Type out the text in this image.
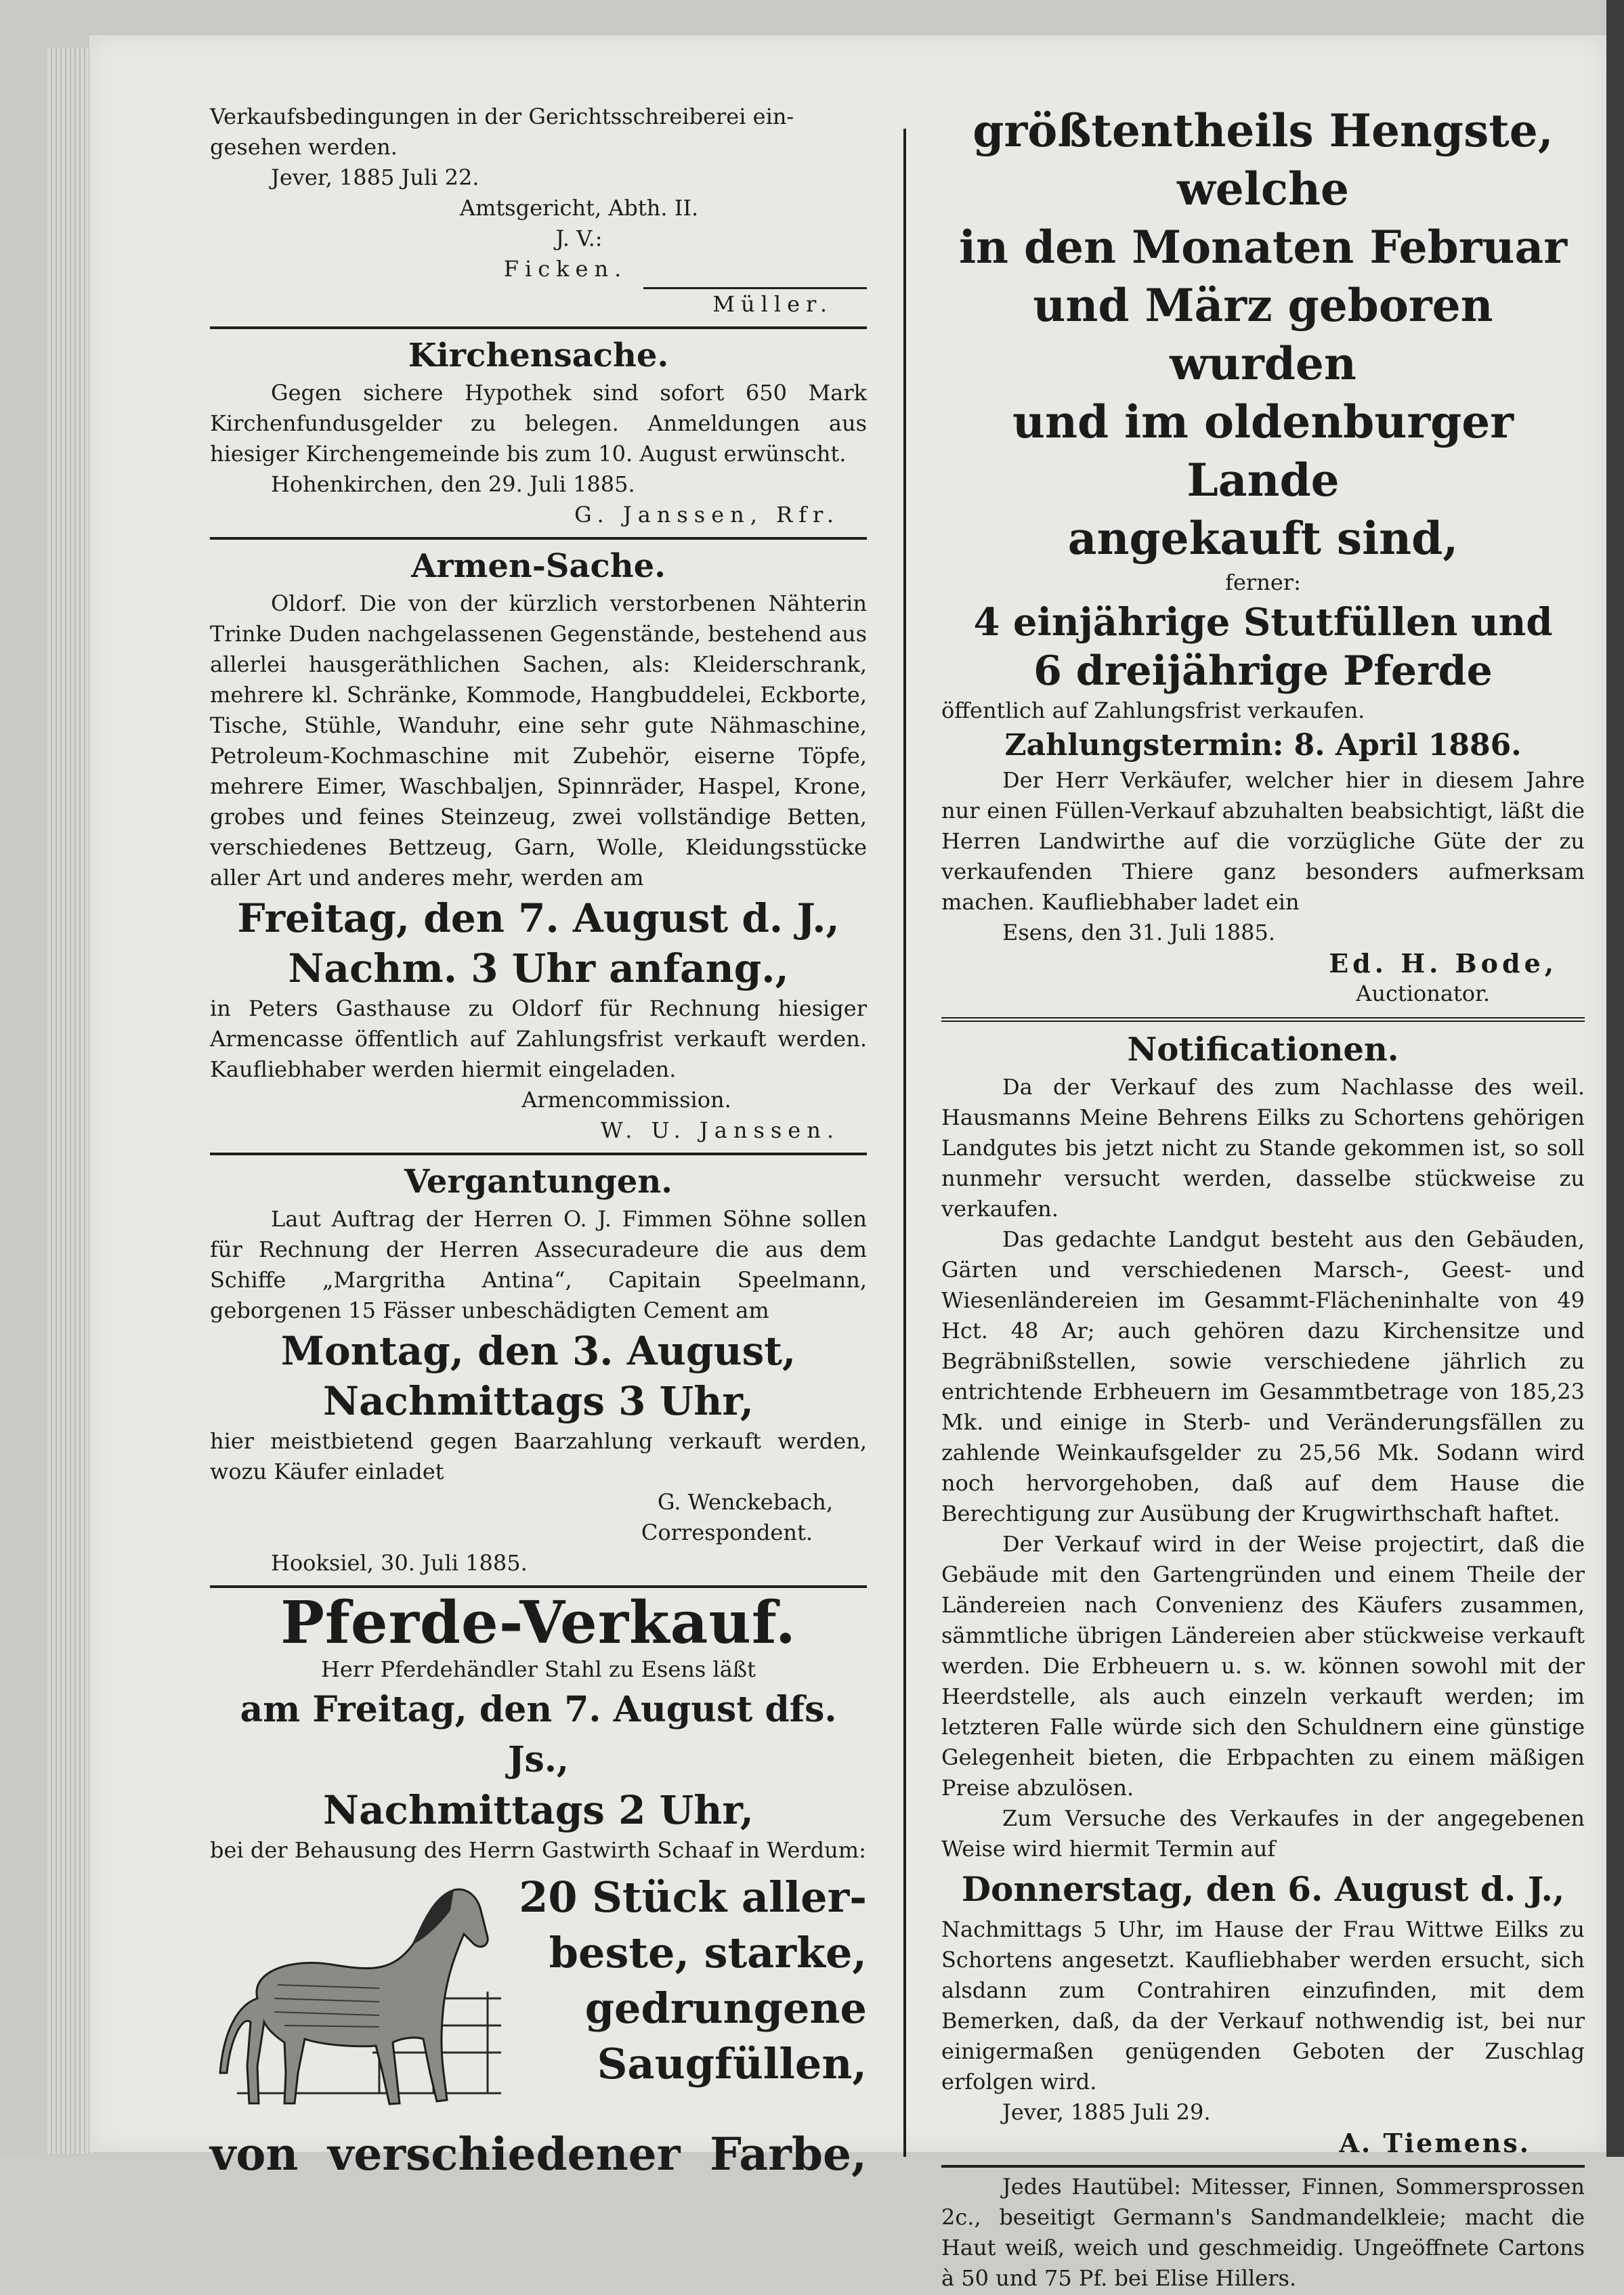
Verkaufsbedingungen in der Gerichtsschreiberei ein-

gesehen werden.

Jever, 1885 Juli 22.

Amtsgericht, Abth. II.

J. V.:

Ficken.

Müller.

Kirchensache.

Gegen sichere Hypothek sind sofort 650 Mark Kirchenfundusgelder zu belegen. Anmeldungen aus hiesiger Kirchengemeinde bis zum 10. August erwünscht.

Hohenkirchen, den 29. Juli 1885.

G. Janssen, Rfr.

Armen-Sache.

Oldorf. Die von der kürzlich verstorbenen Nähterin Trinke Duden nachgelassenen Gegenstände, bestehend aus allerlei hausgeräthlichen Sachen, als: Kleiderschrank, mehrere kl. Schränke, Kommode, Hangbuddelei, Eckborte, Tische, Stühle, Wanduhr, eine sehr gute Nähmaschine, Petroleum-Kochmaschine mit Zubehör, eiserne Töpfe, mehrere Eimer, Waschbaljen, Spinnräder, Haspel, Krone, grobes und feines Steinzeug, zwei vollständige Betten, verschiedenes Bettzeug, Garn, Wolle, Kleidungsstücke aller Art und anderes mehr, werden am

Freitag, den 7. August d. J.,

Nachm. 3 Uhr anfang.,

in Peters Gasthause zu Oldorf für Rechnung hiesiger Armencasse öffentlich auf Zahlungsfrist verkauft werden. Kaufliebhaber werden hiermit eingeladen.

Armencommission.

W. U. Janssen.

Vergantungen.

Laut Auftrag der Herren O. J. Fimmen Söhne sollen für Rechnung der Herren Assecuradeure die aus dem Schiffe „Margritha Antina“, Capitain Speelmann, geborgenen 15 Fässer unbeschädigten Cement am

Montag, den 3. August,

Nachmittags 3 Uhr,

hier meistbietend gegen Baarzahlung verkauft werden, wozu Käufer einladet

G. Wenckebach,

Correspondent.

Hooksiel, 30. Juli 1885.

Pferde-Verkauf.

Herr Pferdehändler Stahl zu Esens läßt

am Freitag, den 7. August dfs. Js.,

Nachmittags 2 Uhr,

bei der Behausung des Herrn Gastwirth Schaaf in Werdum:

20 Stück aller-

beste, starke,

gedrungene

Saugfüllen,

von verschiedener Farbe,

größtentheils Hengste, welche

in den Monaten Februar

und März geboren wurden

und im oldenburger Lande

angekauft sind,

ferner:

4 einjährige Stutfüllen und

6 dreijährige Pferde

öffentlich auf Zahlungsfrist verkaufen.

Zahlungstermin: 8. April 1886.

Der Herr Verkäufer, welcher hier in diesem Jahre nur einen Füllen-Verkauf abzuhalten beabsichtigt, läßt die Herren Landwirthe auf die vorzügliche Güte der zu verkaufenden Thiere ganz besonders aufmerksam machen. Kaufliebhaber ladet ein

Esens, den 31. Juli 1885.

Ed. H. Bode,

Auctionator.

Notificationen.

Da der Verkauf des zum Nachlasse des weil. Hausmanns Meine Behrens Eilks zu Schortens gehörigen Landgutes bis jetzt nicht zu Stande gekommen ist, so soll nunmehr versucht werden, dasselbe stückweise zu verkaufen.

Das gedachte Landgut besteht aus den Gebäuden, Gärten und verschiedenen Marsch-, Geest- und Wiesenländereien im Gesammt-Flächeninhalte von 49 Hct. 48 Ar; auch gehören dazu Kirchensitze und Begräbnißstellen, sowie verschiedene jährlich zu entrichtende Erbheuern im Gesammtbetrage von 185,23 Mk. und einige in Sterb- und Veränderungsfällen zu zahlende Weinkaufsgelder zu 25,56 Mk. Sodann wird noch hervorgehoben, daß auf dem Hause die Berechtigung zur Ausübung der Krugwirthschaft haftet.

Der Verkauf wird in der Weise projectirt, daß die Gebäude mit den Gartengründen und einem Theile der Ländereien nach Convenienz des Käufers zusammen, sämmtliche übrigen Ländereien aber stückweise verkauft werden. Die Erbheuern u. s. w. können sowohl mit der Heerdstelle, als auch einzeln verkauft werden; im letzteren Falle würde sich den Schuldnern eine günstige Gelegenheit bieten, die Erbpachten zu einem mäßigen Preise abzulösen.

Zum Versuche des Verkaufes in der angegebenen Weise wird hiermit Termin auf

Donnerstag, den 6. August d. J.,

Nachmittags 5 Uhr, im Hause der Frau Wittwe Eilks zu Schortens angesetzt. Kaufliebhaber werden ersucht, sich alsdann zum Contrahiren einzufinden, mit dem Bemerken, daß, da der Verkauf nothwendig ist, bei nur einigermaßen genügenden Geboten der Zuschlag erfolgen wird.

Jever, 1885 Juli 29.

A. Tiemens.

Jedes Hautübel: Mitesser, Finnen, Sommersprossen 2c., beseitigt Germann's Sandmandelkleie; macht die Haut weiß, weich und geschmeidig. Ungeöffnete Cartons à 50 und 75 Pf. bei Elise Hillers.
